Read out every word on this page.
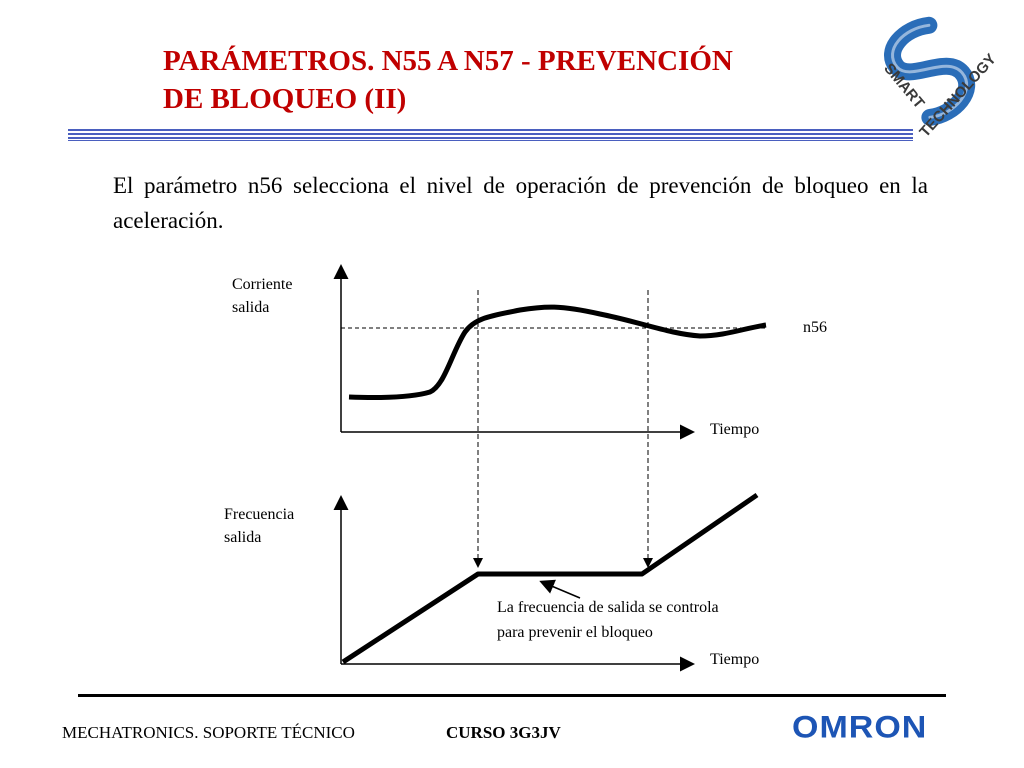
PARÁMETROS. N55 A N57 - PREVENCIÓN
DE BLOQUEO (II)	SMART
TECHNOLOGY

El parámetro n56 selecciona el nivel de operación de prevención de bloqueo en la aceleración.

Corriente
salida
Tiempo
n56
Frecuencia
salida
Tiempo
La frecuencia de salida se controla
para prevenir el bloqueo
MECHATRONICS. SOPORTE TÉCNICO	CURSO 3G3JV	OMRON
